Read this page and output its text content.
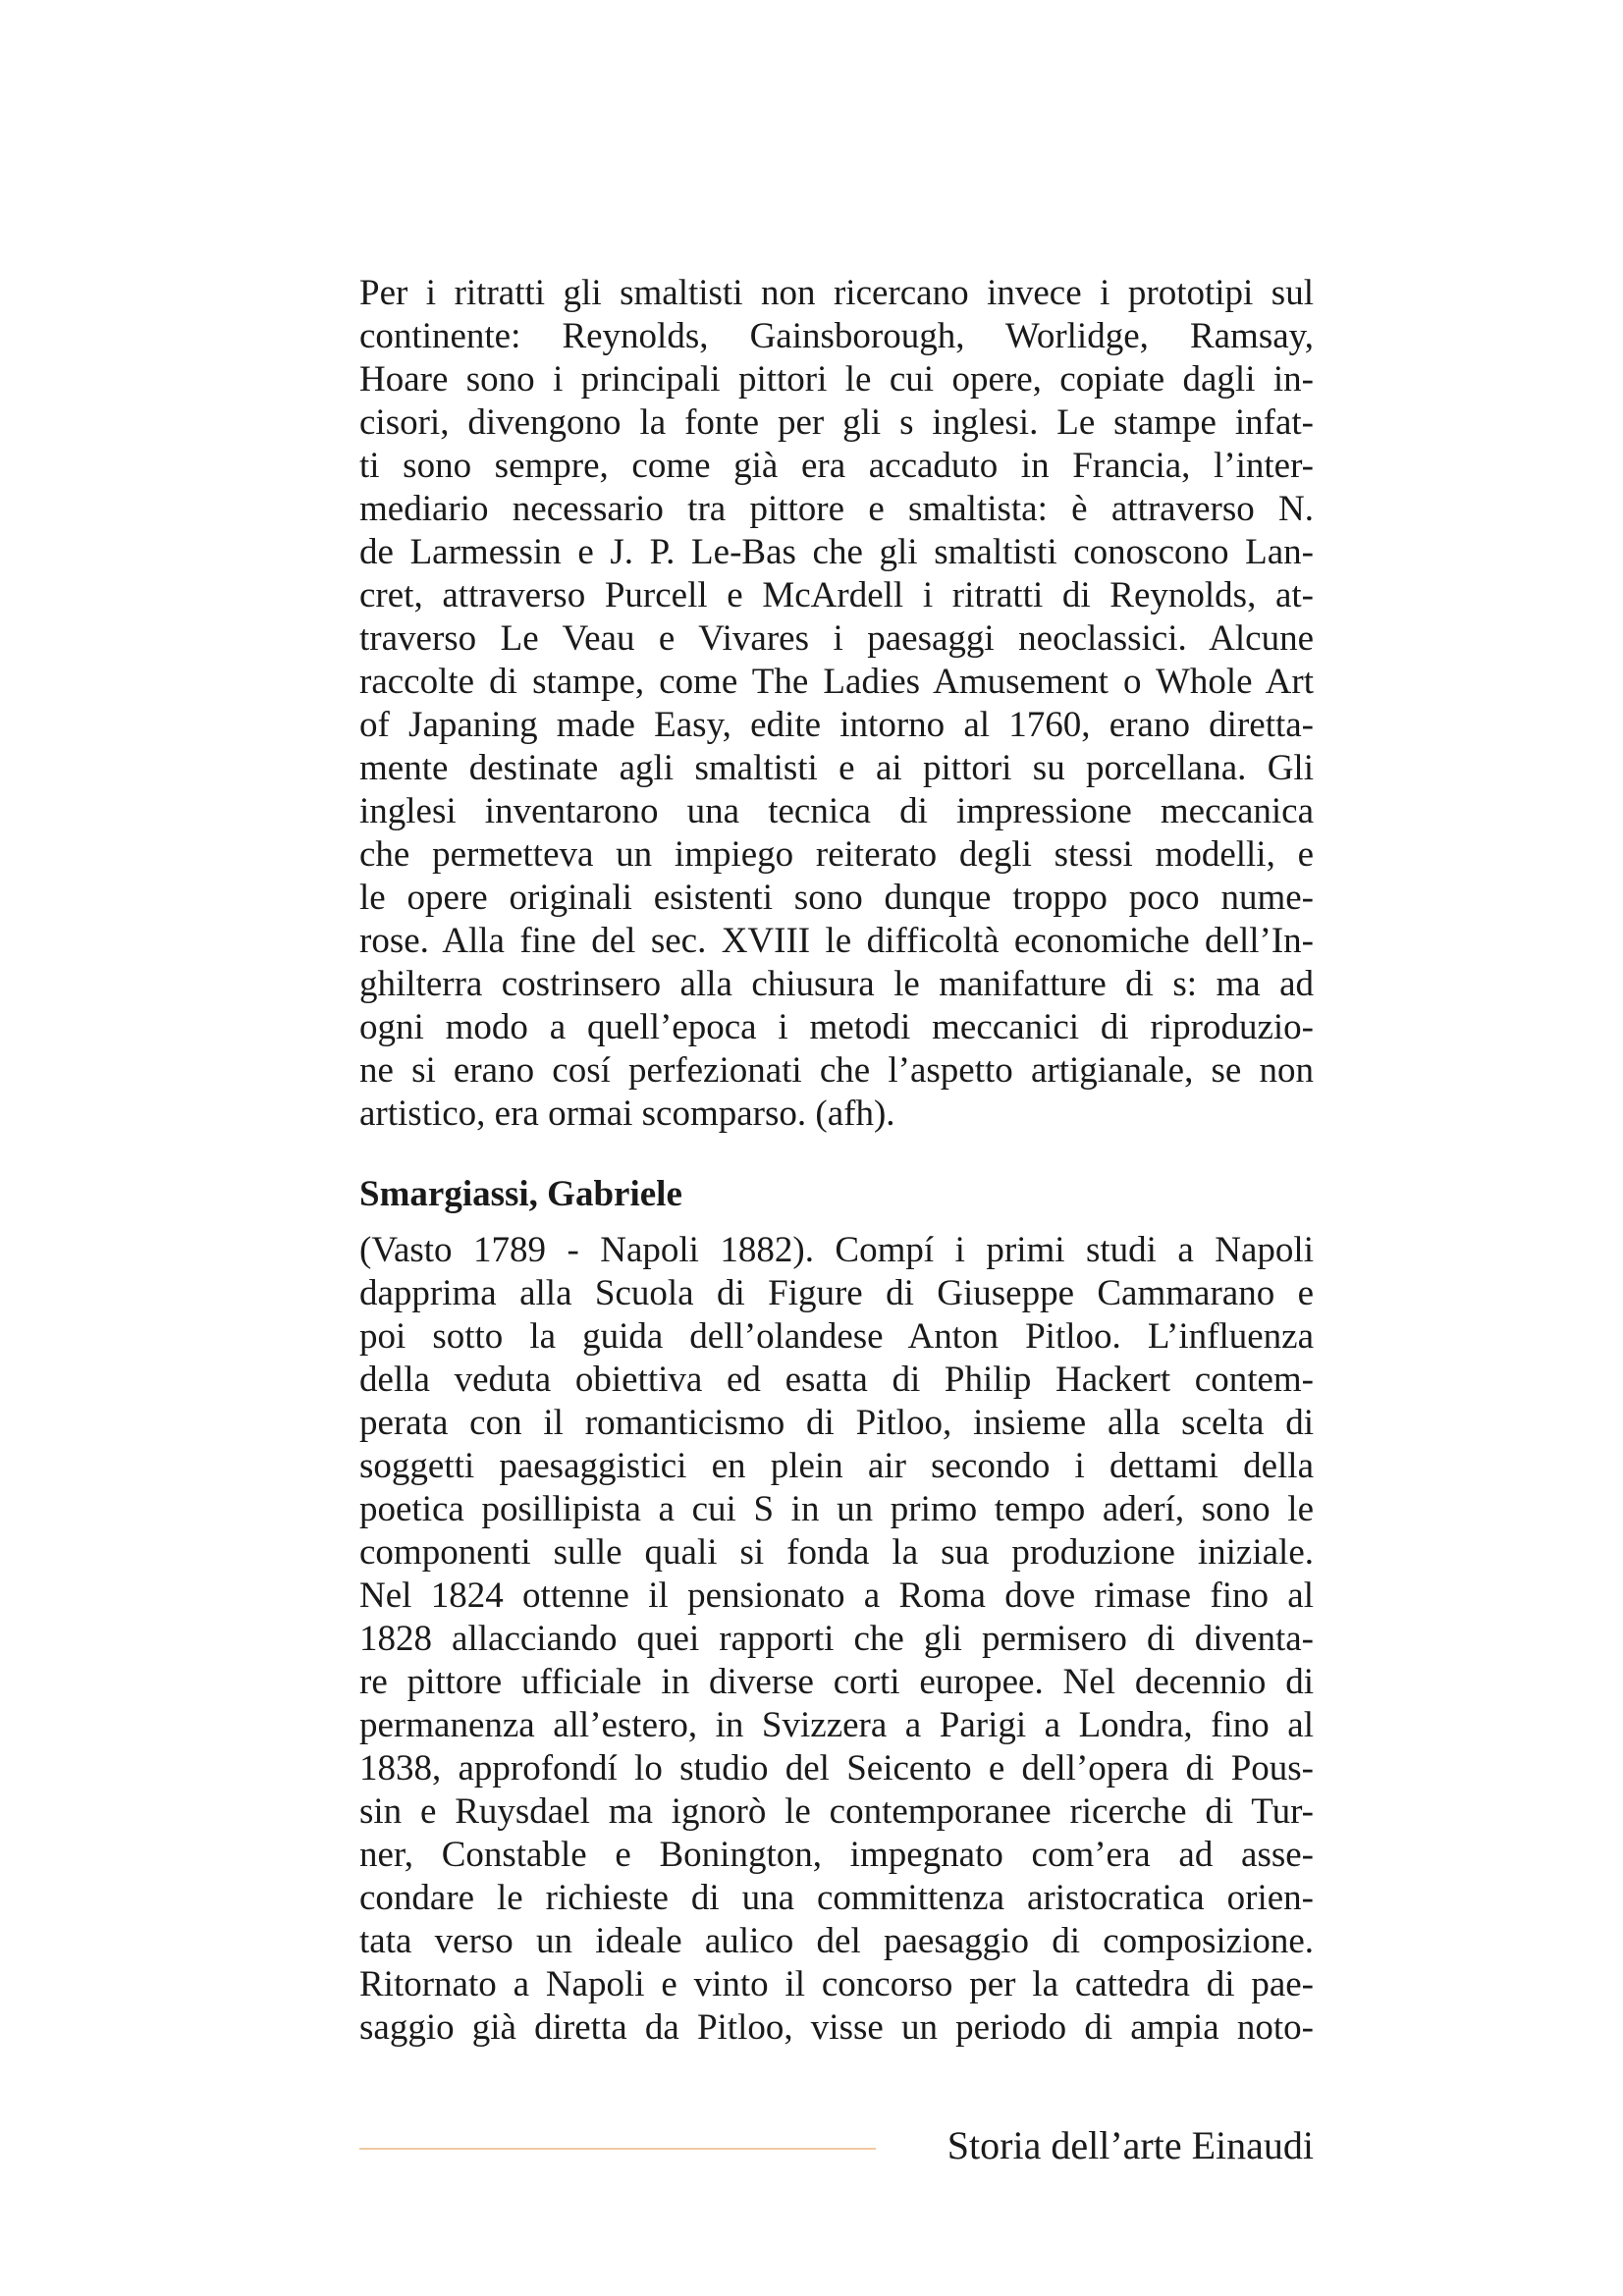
Per i ritratti gli smaltisti non ricercano invece i prototipi sul
continente: Reynolds, Gainsborough, Worlidge, Ramsay,
Hoare sono i principali pittori le cui opere, copiate dagli in-
cisori, divengono la fonte per gli s inglesi. Le stampe infat-
ti sono sempre, come già era accaduto in Francia, l’inter-
mediario necessario tra pittore e smaltista: è attraverso N.
de Larmessin e J. P. Le-Bas che gli smaltisti conoscono Lan-
cret, attraverso Purcell e McArdell i ritratti di Reynolds, at-
traverso Le Veau e Vivares i paesaggi neoclassici. Alcune
raccolte di stampe, come The Ladies Amusement o Whole Art
of Japaning made Easy, edite intorno al 1760, erano diretta-
mente destinate agli smaltisti e ai pittori su porcellana. Gli
inglesi inventarono una tecnica di impressione meccanica
che permetteva un impiego reiterato degli stessi modelli, e
le opere originali esistenti sono dunque troppo poco nume-
rose. Alla fine del sec. XVIII le difficoltà economiche dell’In-
ghilterra costrinsero alla chiusura le manifatture di s: ma ad
ogni modo a quell’epoca i metodi meccanici di riproduzio-
ne si erano cosí perfezionati che l’aspetto artigianale, se non
artistico, era ormai scomparso. (afh).
Smargiassi, Gabriele
(Vasto 1789 - Napoli 1882). Compí i primi studi a Napoli
dapprima alla Scuola di Figure di Giuseppe Cammarano e
poi sotto la guida dell’olandese Anton Pitloo. L’influenza
della veduta obiettiva ed esatta di Philip Hackert contem-
perata con il romanticismo di Pitloo, insieme alla scelta di
soggetti paesaggistici en plein air secondo i dettami della
poetica posillipista a cui S in un primo tempo aderí, sono le
componenti sulle quali si fonda la sua produzione iniziale.
Nel 1824 ottenne il pensionato a Roma dove rimase fino al
1828 allacciando quei rapporti che gli permisero di diventa-
re pittore ufficiale in diverse corti europee. Nel decennio di
permanenza all’estero, in Svizzera a Parigi a Londra, fino al
1838, approfondí lo studio del Seicento e dell’opera di Pous-
sin e Ruysdael ma ignorò le contemporanee ricerche di Tur-
ner, Constable e Bonington, impegnato com’era ad asse-
condare le richieste di una committenza aristocratica orien-
tata verso un ideale aulico del paesaggio di composizione.
Ritornato a Napoli e vinto il concorso per la cattedra di pae-
saggio già diretta da Pitloo, visse un periodo di ampia noto-
Storia dell’arte Einaudi
